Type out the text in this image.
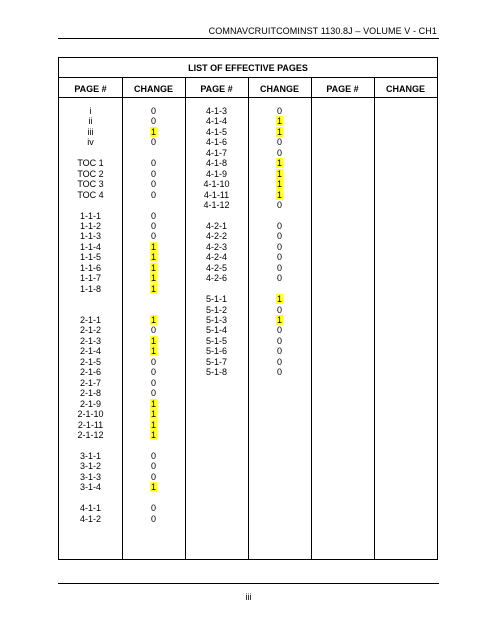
COMNAVCRUITCOMINST 1130.8J – VOLUME V - CH1
LIST OF EFFECTIVE PAGES
PAGE #	CHANGE	PAGE #	CHANGE	PAGE #	CHANGE
i	0
ii	0
iii	1
iv	0
TOC 1	0
TOC 2	0
TOC 3	0
TOC 4	0
1-1-1	0
1-1-2	0
1-1-3	0
1-1-4	1
1-1-5	1
1-1-6	1
1-1-7	1
1-1-8	1
2-1-1	1
2-1-2	0
2-1-3	1
2-1-4	1
2-1-5	0
2-1-6	0
2-1-7	0
2-1-8	0
2-1-9	1
2-1-10	1
2-1-11	1
2-1-12	1
3-1-1	0
3-1-2	0
3-1-3	0
3-1-4	1
4-1-1	0
4-1-2	0
4-1-3	0
4-1-4	1
4-1-5	1
4-1-6	0
4-1-7	0
4-1-8	1
4-1-9	1
4-1-10	1
4-1-11	1
4-1-12	0
4-2-1	0
4-2-2	0
4-2-3	0
4-2-4	0
4-2-5	0
4-2-6	0
5-1-1	1
5-1-2	0
5-1-3	1
5-1-4	0
5-1-5	0
5-1-6	0
5-1-7	0
5-1-8	0
iii
